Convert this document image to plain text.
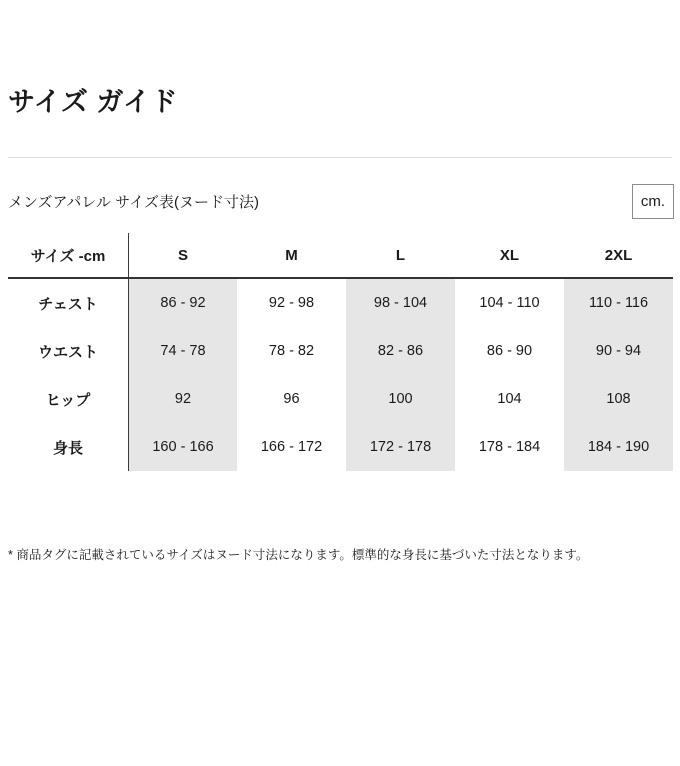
サイズ ガイド
メンズアパレル サイズ表(ヌード寸法)	cm.
サイズ -cm	S	M	L	XL	2XL
チェスト	86 - 92	92 - 98	98 - 104	104 - 110	110 - 116
ウエスト	74 - 78	78 - 82	82 - 86	86 - 90	90 - 94
ヒップ	92	96	100	104	108
身長	160 - 166	166 - 172	172 - 178	178 - 184	184 - 190

* 商品タグに記載されているサイズはヌード寸法になります。標準的な身長に基づいた寸法となります。
